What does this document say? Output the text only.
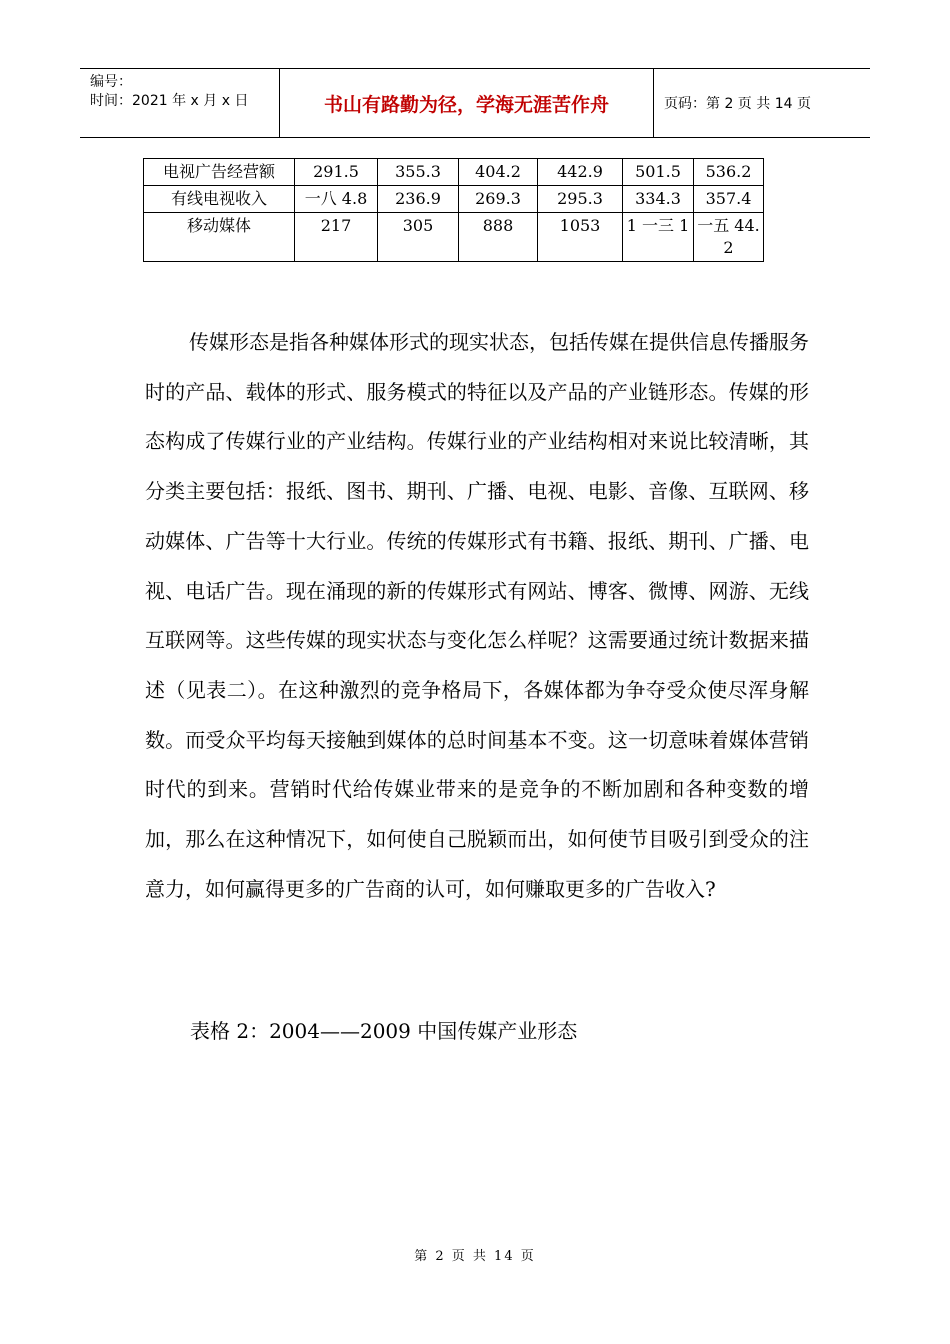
编号：
时间：2021 年 x 月 x 日	书山有路勤为径，学海无涯苦作舟	页码：第 2 页 共 14 页
电视广告经营额	291.5	355.3	404.2	442.9	501.5	536.2
有线电视收入	一八 4.8	236.9	269.3	295.3	334.3	357.4
移动媒体	217	305	888	1053	1 一三 1	一五 44.2

传媒形态是指各种媒体形式的现实状态，包括传媒在提供信息传播服务时的产品、载体的形式、服务模式的特征以及产品的产业链形态。传媒的形态构成了传媒行业的产业结构。传媒行业的产业结构相对来说比较清晰，其分类主要包括：报纸、图书、期刊、广播、电视、电影、音像、互联网、移动媒体、广告等十大行业。传统的传媒形式有书籍、报纸、期刊、广播、电视、电话广告。现在涌现的新的传媒形式有网站、博客、微博、网游、无线互联网等。这些传媒的现实状态与变化怎么样呢？这需要通过统计数据来描述（见表二）。在这种激烈的竞争格局下，各媒体都为争夺受众使尽浑身解数。而受众平均每天接触到媒体的总时间基本不变。这一切意味着媒体营销时代的到来。营销时代给传媒业带来的是竞争的不断加剧和各种变数的增加，那么在这种情况下，如何使自己脱颖而出，如何使节目吸引到受众的注意力，如何赢得更多的广告商的认可，如何赚取更多的广告收入?

表格 2：2004——2009 中国传媒产业形态
第 2 页 共 14 页
